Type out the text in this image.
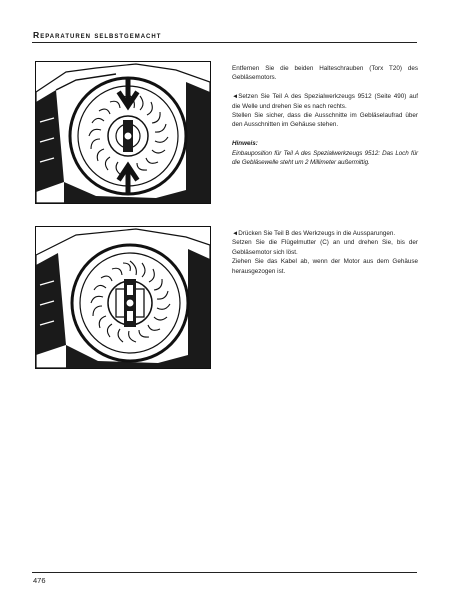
Reparaturen selbstgemacht

Entfernen Sie die beiden Halteschrauben (Torx T20) des Gebläsemotors.

◄Setzen Sie Teil A des Spezialwerkzeugs 9512 (Seite 490) auf die Welle und drehen Sie es nach rechts.

Stellen Sie sicher, dass die Ausschnitte im Gebläselaufrad über den Ausschnitten im Gehäuse stehen.

Hinweis:

Einbauposition für Teil A des Spezialwerkzeugs 9512: Das Loch für die Gebläsewelle steht um 2 Millimeter außermittig.

◄Drücken Sie Teil B des Werkzeugs in die Aussparungen.

Setzen Sie die Flügelmutter (C) an und drehen Sie, bis der Gebläsemotor sich löst.

Ziehen Sie das Kabel ab, wenn der Motor aus dem Gehäuse herausgezogen ist.

476
